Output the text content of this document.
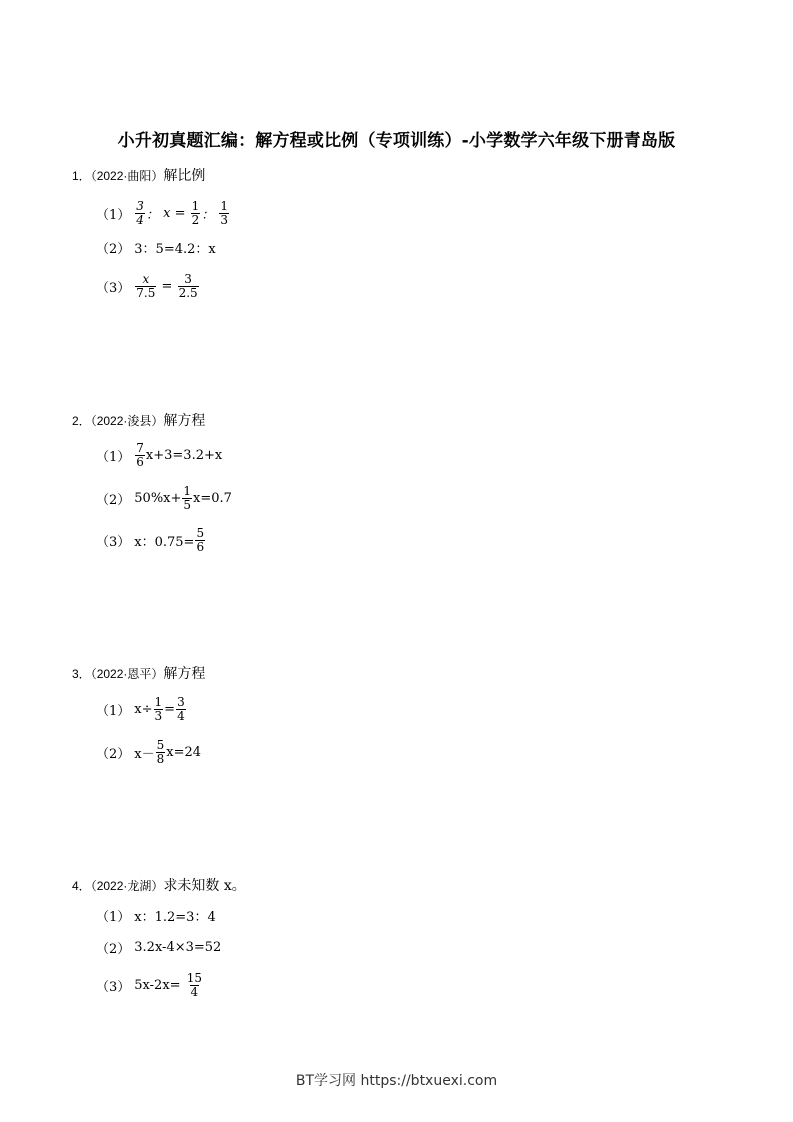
小升初真题汇编：解方程或比例（专项训练）-小学数学六年级下册青岛版
1．（2022·曲阳）解比例
$(1) \frac{3}{4}$ ：
x
=
$\frac{1}{2}$ ：
$\frac{1}{3}$
（2） 3：5=4.2：x
$(3) \frac{x}{7.5}$
=
$\frac{3}{2.5}$
2．（2022·浚县）解方程
$(1) \frac{7}{6} x+3=3.2+x$
（2） $50\%x+ \frac{1}{5} x=0.7$
（3） x：$0.75= \frac{5}{6}$
3．（2022·恩平）解方程
（1） $x\div \frac{1}{3} = \frac{3}{4}$
（2） $x- \frac{5}{8} x=24$
4．（2022·龙湖）求未知数 x。
（1） x：1.2=3：4
（2） 3.2x-4×3=52
（3） 5x-2x=
$\frac{15}{4}$
BT学习网 https://btxuexi.com
